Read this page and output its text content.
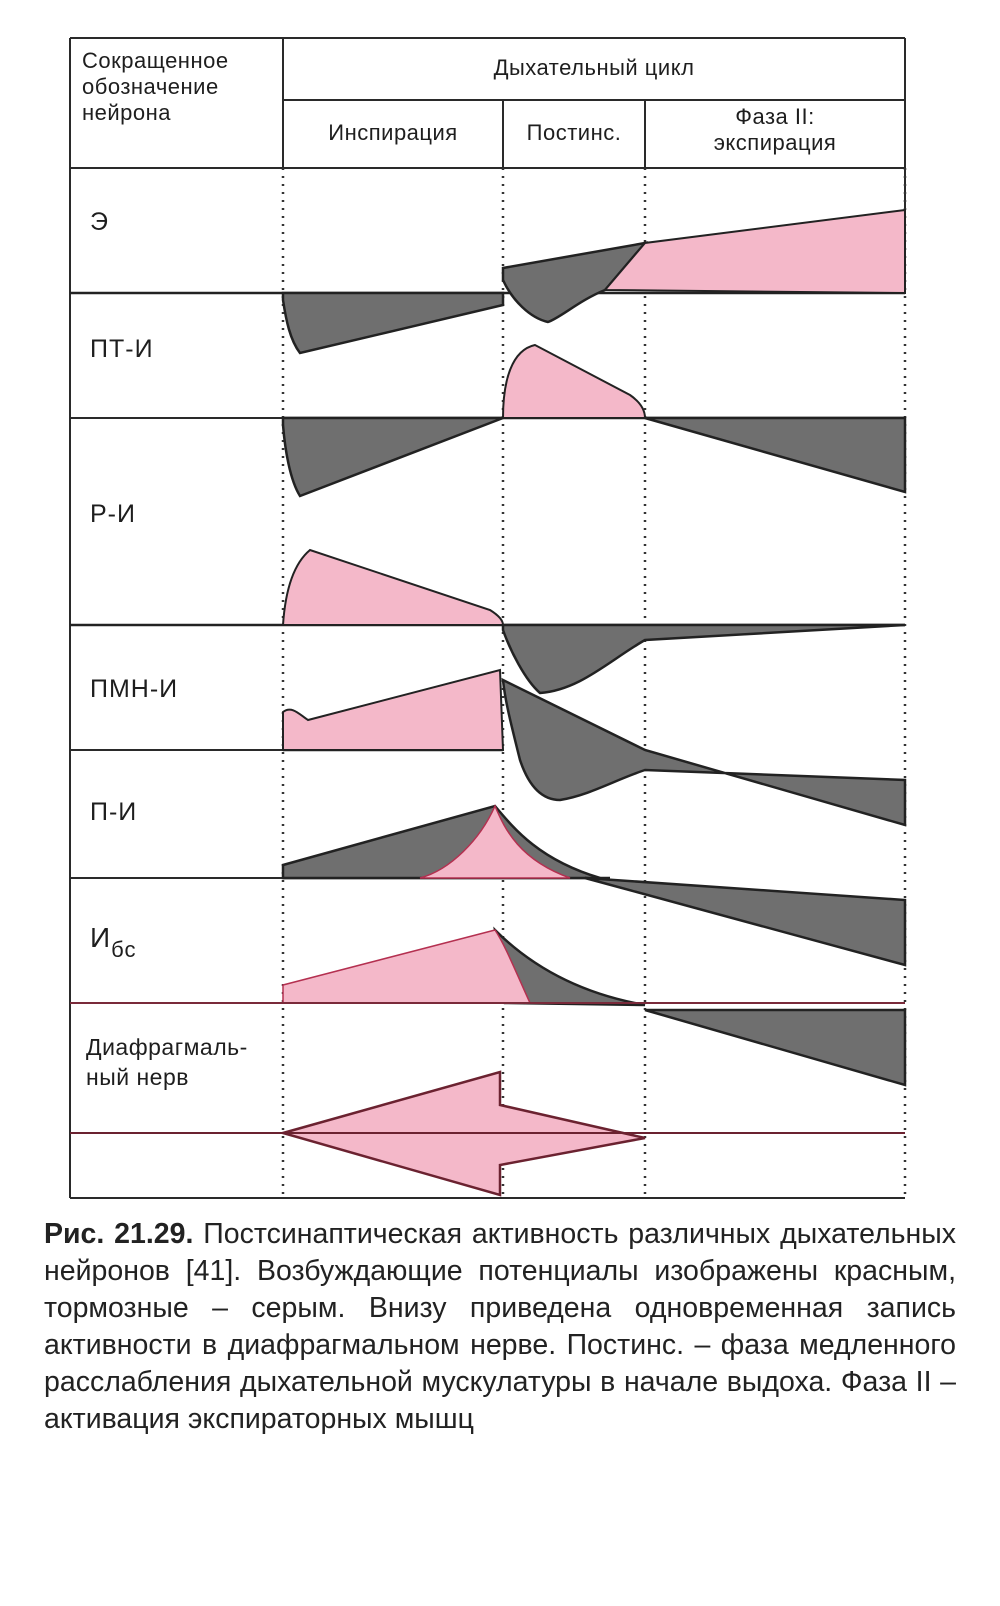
Сокращенное обозначение нейрона
Дыхательный цикл
Инспирация	Постинс.
Фаза II:
экспирация
Э
ПТ-И
Р-И
ПМН-И
П-И
$И_{бс}$
Диафрагмаль-
ный нерв
Рис. 21.29. Постсинаптическая активность различных дыхательных нейронов [41]. Возбуждающие потенциалы изображены красным, тормозные – серым. Внизу приведена одновременная запись активности в диафрагмальном нерве. Постинс. – фаза медленного расслабления дыхательной мускулатуры в начале выдоха. Фаза II – активация экспираторных мышц
